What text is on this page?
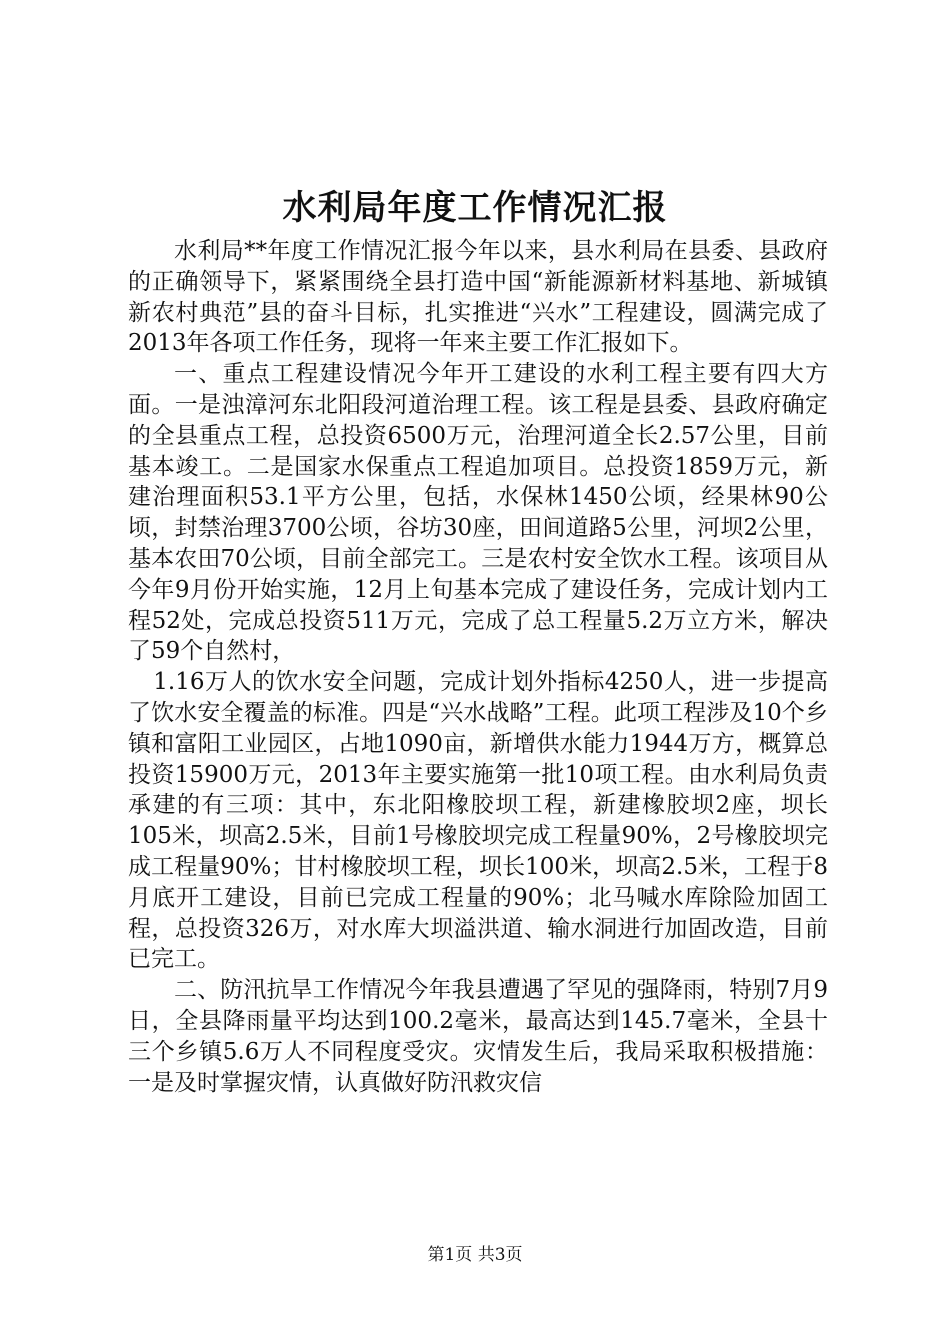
水利局年度工作情况汇报

水利局**年度工作情况汇报今年以来，县水利局在县委、县政府的正确领导下，紧紧围绕全县打造中国“新能源新材料基地、新城镇新农村典范”县的奋斗目标，扎实推进“兴水”工程建设，圆满完成了2013年各项工作任务，现将一年来主要工作汇报如下。

一、重点工程建设情况今年开工建设的水利工程主要有四大方面。一是浊漳河东北阳段河道治理工程。该工程是县委、县政府确定的全县重点工程，总投资6500万元，治理河道全长2.57公里，目前基本竣工。二是国家水保重点工程追加项目。总投资1859万元，新建治理面积53.1平方公里，包括，水保林1450公顷，经果林90公顷，封禁治理3700公顷，谷坊30座，田间道路5公里，河坝2公里，基本农田70公顷，目前全部完工。三是农村安全饮水工程。该项目从今年9月份开始实施，12月上旬基本完成了建设任务，完成计划内工程52处，完成总投资511万元，完成了总工程量5.2万立方米，解决了59个自然村，

1.16万人的饮水安全问题，完成计划外指标4250人，进一步提高了饮水安全覆盖的标准。四是“兴水战略”工程。此项工程涉及10个乡镇和富阳工业园区，占地1090亩，新增供水能力1944万方，概算总投资15900万元，2013年主要实施第一批10项工程。由水利局负责承建的有三项：其中，东北阳橡胶坝工程，新建橡胶坝2座，坝长105米，坝高2.5米，目前1号橡胶坝完成工程量90%，2号橡胶坝完成工程量90%；甘村橡胶坝工程，坝长100米，坝高2.5米，工程于8月底开工建设，目前已完成工程量的90%；北马喊水库除险加固工程，总投资326万，对水库大坝溢洪道、输水洞进行加固改造，目前已完工。

二、防汛抗旱工作情况今年我县遭遇了罕见的强降雨，特别7月9日，全县降雨量平均达到100.2毫米，最高达到145.7毫米，全县十三个乡镇5.6万人不同程度受灾。灾情发生后，我局采取积极措施：一是及时掌握灾情，认真做好防汛救灾信

第1页 共3页
